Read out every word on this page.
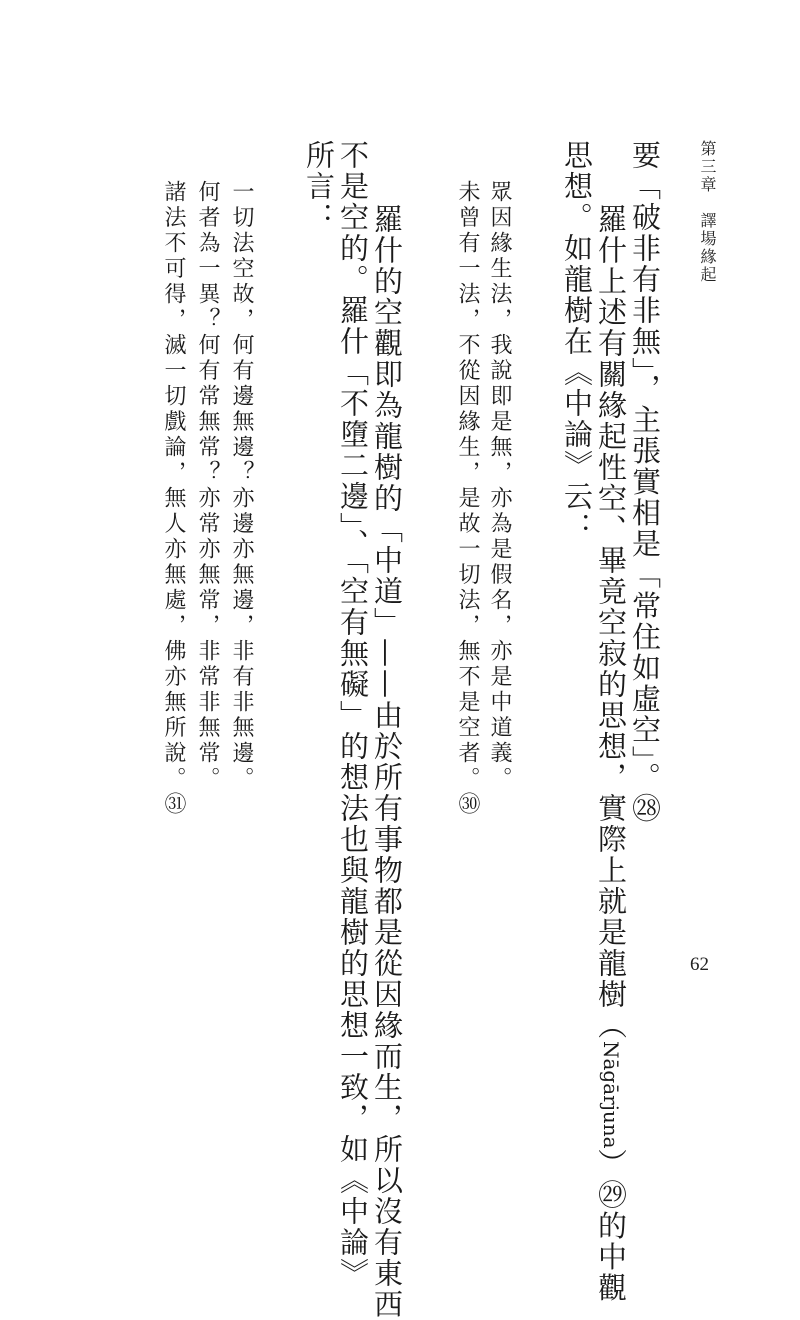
第三章　譯場緣起
62
要「破非有非無」，主張實相是「常住如虛空」。㉘
羅什上述有關緣起性空、畢竟空寂的思想，實際上就是龍樹（Nāgārjuna）㉙的中觀
思想。如龍樹在《中論》云：
眾因緣生法，我說即是無，亦為是假名，亦是中道義。
未曾有一法，不從因緣生，是故一切法，無不是空者。㉚
羅什的空觀即為龍樹的「中道」——由於所有事物都是從因緣而生，所以沒有東西
不是空的。羅什「不墮二邊」、「空有無礙」的想法也與龍樹的思想一致，如《中論》
所言：
一切法空故，何有邊無邊？亦邊亦無邊，非有非無邊。
何者為一異？何有常無常？亦常亦無常，非常非無常。
諸法不可得，滅一切戲論，無人亦無處，佛亦無所說。㉛
